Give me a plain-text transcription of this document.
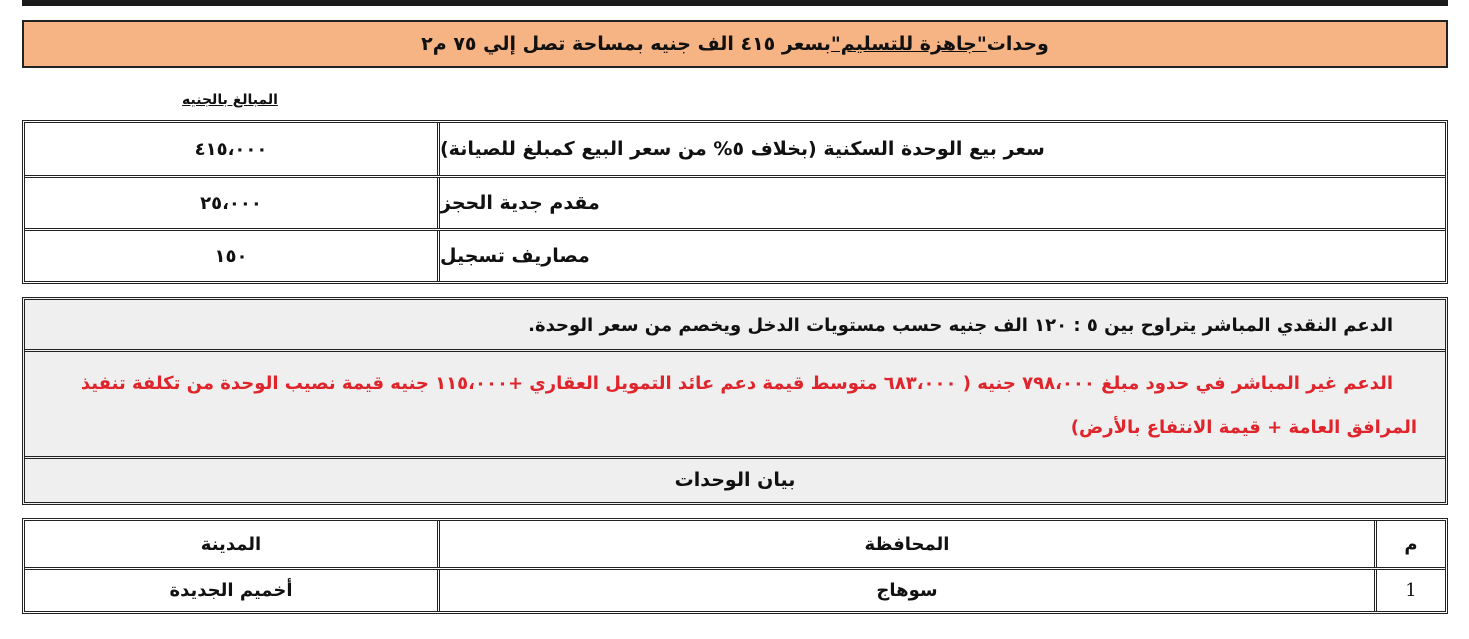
وحدات
"جاهزة للتسليم"
بسعر ٤١٥ الف جنيه بمساحة تصل إلي ٧٥ م٢
المبالغ بالجنيه
٤١٥،٠٠٠	سعر بيع الوحدة السكنية (بخلاف ٥% من سعر البيع كمبلغ للصيانة)
٢٥،٠٠٠	مقدم جدية الحجز
١٥٠	مصاريف تسجيل
الدعم النقدي المباشر يتراوح بين ٥ : ١٢٠ الف جنيه حسب مستويات الدخل ويخصم من سعر الوحدة.
الدعم غير المباشر في حدود مبلغ ٧٩٨،٠٠٠ جنيه ( ٦٨٣،٠٠٠ متوسط قيمة دعم عائد التمويل العقاري +١١٥،٠٠٠ جنيه قيمة نصيب الوحدة من تكلفة تنفيذ المرافق العامة + قيمة الانتفاع بالأرض)
بيان الوحدات
المدينة	المحافظة	م
أخميم الجديدة	سوهاج	1
